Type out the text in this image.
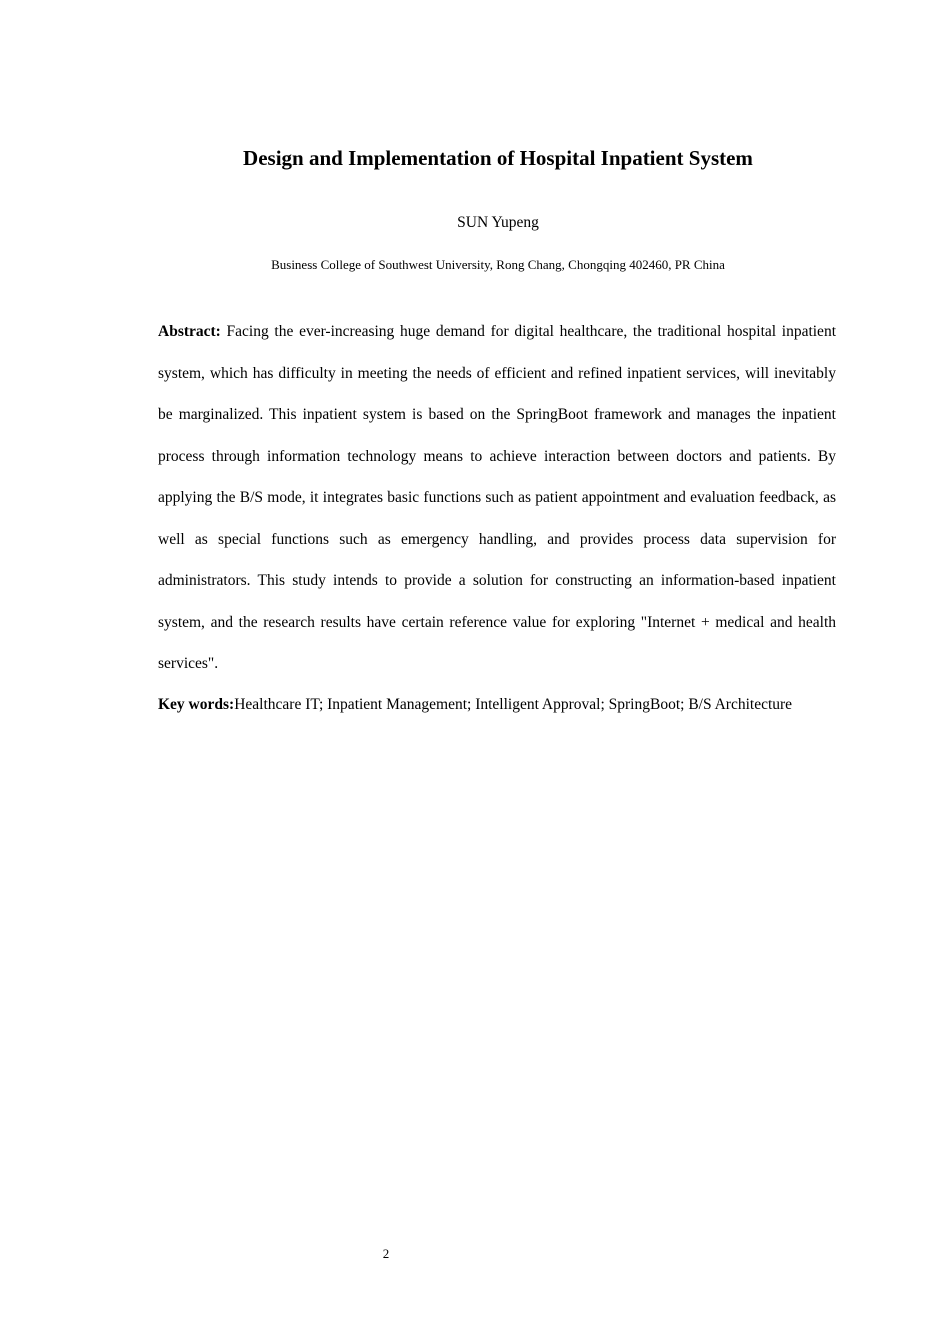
Design and Implementation of Hospital Inpatient System

SUN Yupeng

Business College of Southwest University, Rong Chang, Chongqing 402460, PR China

Abstract: Facing the ever-increasing huge demand for digital healthcare, the traditional hospital inpatient system, which has difficulty in meeting the needs of efficient and refined inpatient services, will inevitably be marginalized. This inpatient system is based on the SpringBoot framework and manages the inpatient process through information technology means to achieve interaction between doctors and patients. By applying the B/S mode, it integrates basic functions such as patient appointment and evaluation feedback, as well as special functions such as emergency handling, and provides process data supervision for administrators. This study intends to provide a solution for constructing an information-based inpatient system, and the research results have certain reference value for exploring "Internet + medical and health services".

Key words:Healthcare IT; Inpatient Management; Intelligent Approval; SpringBoot; B/S Architecture

2
